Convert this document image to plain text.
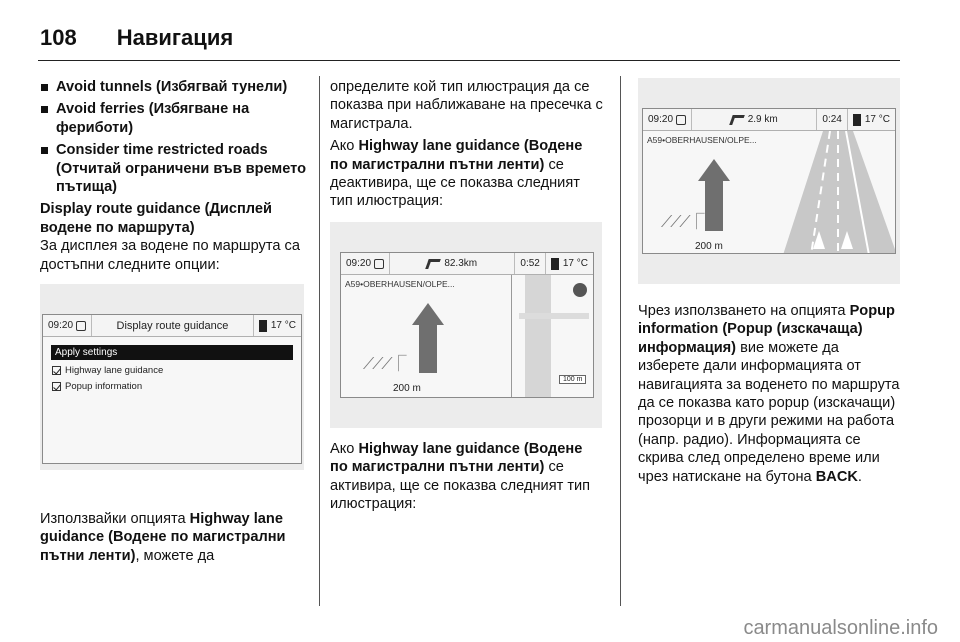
108 Навигация
Avoid tunnels (Избягвай тунели)
Avoid ferries (Избягване на фериботи)
Consider time restricted roads (Отчитай ограничени във времето пътища)

Display route guidance (Дисплей водене по маршрута)

За дисплея за водене по маршрута са достъпни следните опции:

Използвайки опцията Highway lane guidance (Водене по магистрални пътни ленти), можете да

09:20	Display route guidance	17 °C
Apply settings
Highway lane guidance
Popup information

определите кой тип илюстрация да се показва при наближаване на пресечка с магистрала.

Ако Highway lane guidance (Водене по магистрални пътни ленти) се деактивира, ще се показва следният тип илюстрация:

09:20	82.3km	0:52 17 °C
A59•OBERHAUSEN/OLPE...
100 m
⟋⟋⟋⎾
200 m

Ако Highway lane guidance (Водене по магистрални пътни ленти) се активира, ще се показва следният тип илюстрация:

09:20	2.9 km	0:24 17 °C
A59•OBERHAUSEN/OLPE...
⟋⟋⟋⎾
200 m

Чрез използването на опцията Popup information (Popup (изскачаща) информация) вие можете да изберете дали информацията от навигацията за воденето по маршрута да се показва като popup (изскачащи) прозорци и в други режими на работа (напр. радио). Информацията се скрива след определено време или чрез натискане на бутона BACK.

carmanualsonline.info
